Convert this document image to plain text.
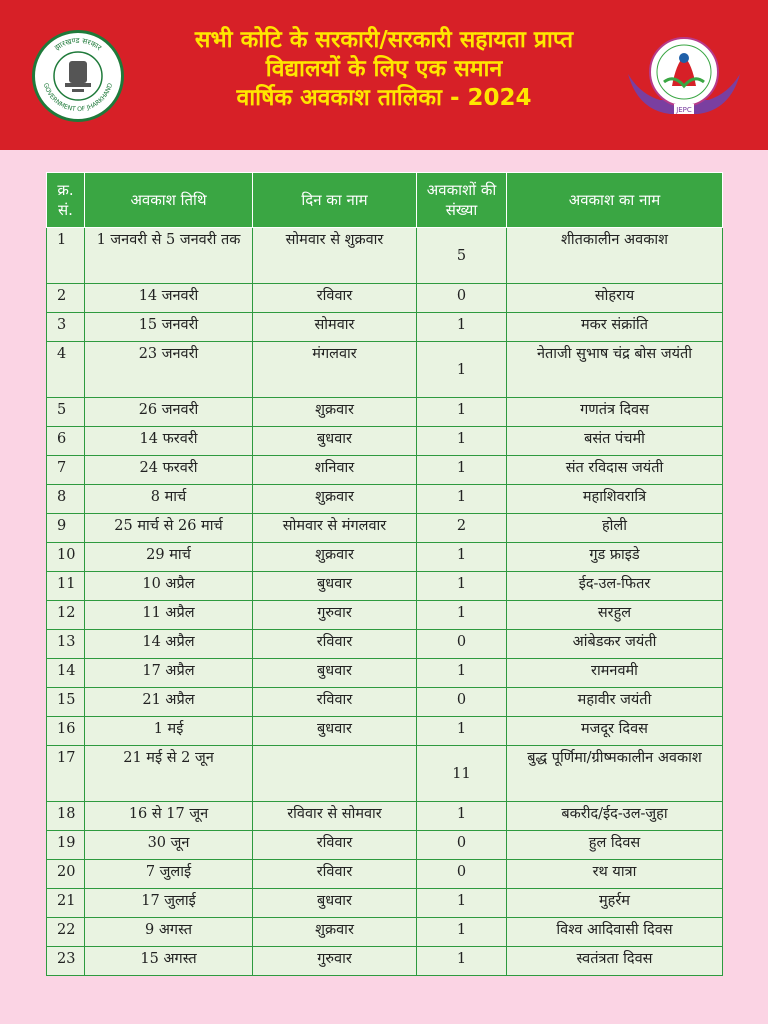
झारखण्ड सरकार
GOVERNMENT OF JHARKHAND
सभी कोटि के सरकारी/सरकारी सहायता प्राप्त
विद्यालयों के लिए एक समान
वार्षिक अवकाश तालिका - 2024	JEPC
क्र. सं.	अवकाश तिथि	दिन का नाम	अवकाशों की संख्या	अवकाश का नाम
1	1 जनवरी से 5 जनवरी तक	सोमवार से शुक्रवार	5	शीतकालीन अवकाश
2	14 जनवरी	रविवार	0	सोहराय
3	15 जनवरी	सोमवार	1	मकर संक्रांति
4	23 जनवरी	मंगलवार	1	नेताजी सुभाष चंद्र बोस जयंती
5	26 जनवरी	शुक्रवार	1	गणतंत्र दिवस
6	14 फरवरी	बुधवार	1	बसंत पंचमी
7	24 फरवरी	शनिवार	1	संत रविदास जयंती
8	8 मार्च	शुक्रवार	1	महाशिवरात्रि
9	25 मार्च से 26 मार्च	सोमवार से मंगलवार	2	होली
10	29 मार्च	शुक्रवार	1	गुड फ्राइडे
11	10 अप्रैल	बुधवार	1	ईद-उल-फितर
12	11 अप्रैल	गुरुवार	1	सरहुल
13	14 अप्रैल	रविवार	0	आंबेडकर जयंती
14	17 अप्रैल	बुधवार	1	रामनवमी
15	21 अप्रैल	रविवार	0	महावीर जयंती
16	1 मई	बुधवार	1	मजदूर दिवस
17	21 मई से 2 जून		11	बुद्ध पूर्णिमा/ग्रीष्मकालीन अवकाश
18	16 से 17 जून	रविवार से सोमवार	1	बकरीद/ईद-उल-जुहा
19	30 जून	रविवार	0	हुल दिवस
20	7 जुलाई	रविवार	0	रथ यात्रा
21	17 जुलाई	बुधवार	1	मुहर्रम
22	9 अगस्त	शुक्रवार	1	विश्व आदिवासी दिवस
23	15 अगस्त	गुरुवार	1	स्वतंत्रता दिवस
